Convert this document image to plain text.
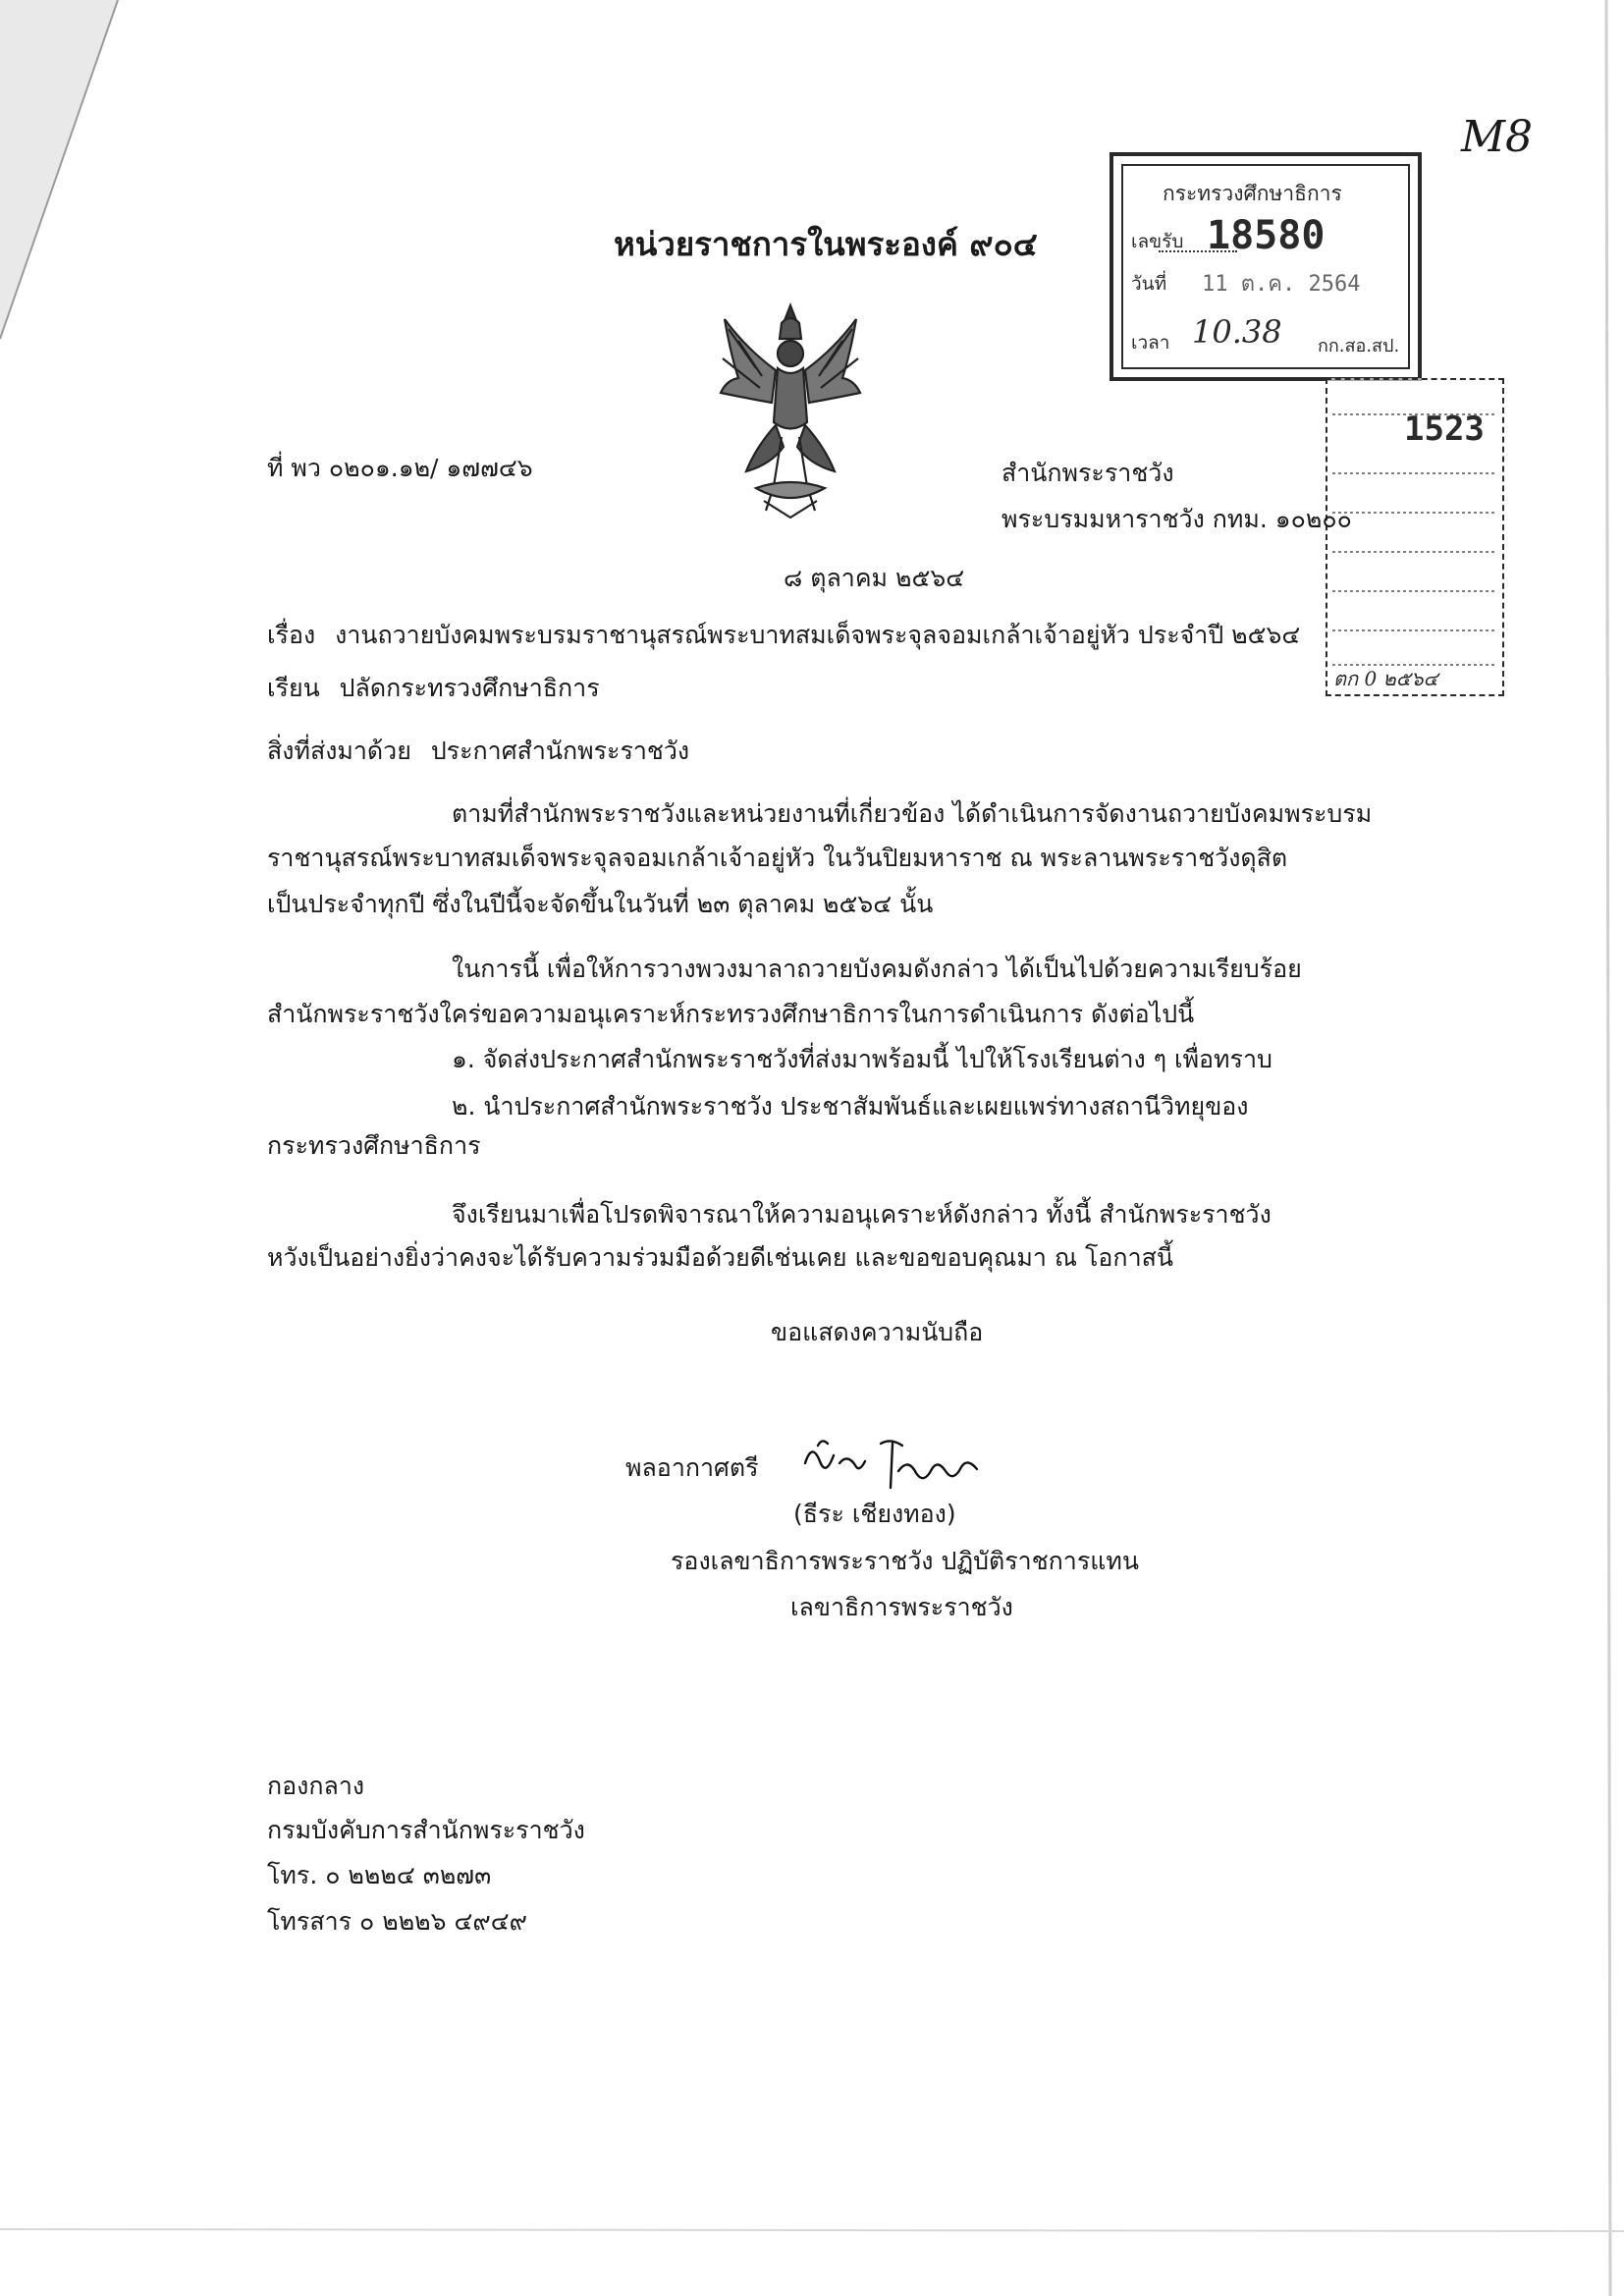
หน่วยราชการในพระองค์ ๙๐๔
กระทรวงศึกษาธิการ
เลขรับ 18580
วันที่ 11 ต.ค. 2564
เวลา 10.38 กก.สอ.สป.
M8
1523
ตก 0 ๒๕๖๔
ที่ พว ๐๒๐๑.๑๒/ ๑๗๗๔๖	สำนักพระราชวัง
พระบรมมหาราชวัง กทม. ๑๐๒๐๐
๘ ตุลาคม ๒๕๖๔
เรื่อง งานถวายบังคมพระบรมราชานุสรณ์พระบาทสมเด็จพระจุลจอมเกล้าเจ้าอยู่หัว ประจำปี ๒๕๖๔
เรียน ปลัดกระทรวงศึกษาธิการ
สิ่งที่ส่งมาด้วย ประกาศสำนักพระราชวัง
ตามที่สำนักพระราชวังและหน่วยงานที่เกี่ยวข้อง ได้ดำเนินการจัดงานถวายบังคมพระบรม
ราชานุสรณ์พระบาทสมเด็จพระจุลจอมเกล้าเจ้าอยู่หัว ในวันปิยมหาราช ณ พระลานพระราชวังดุสิต
เป็นประจำทุกปี ซึ่งในปีนี้จะจัดขึ้นในวันที่ ๒๓ ตุลาคม ๒๕๖๔ นั้น
ในการนี้ เพื่อให้การวางพวงมาลาถวายบังคมดังกล่าว ได้เป็นไปด้วยความเรียบร้อย
สำนักพระราชวังใคร่ขอความอนุเคราะห์กระทรวงศึกษาธิการในการดำเนินการ ดังต่อไปนี้
๑. จัดส่งประกาศสำนักพระราชวังที่ส่งมาพร้อมนี้ ไปให้โรงเรียนต่าง ๆ เพื่อทราบ
๒. นำประกาศสำนักพระราชวัง ประชาสัมพันธ์และเผยแพร่ทางสถานีวิทยุของ
กระทรวงศึกษาธิการ
จึงเรียนมาเพื่อโปรดพิจารณาให้ความอนุเคราะห์ดังกล่าว ทั้งนี้ สำนักพระราชวัง
หวังเป็นอย่างยิ่งว่าคงจะได้รับความร่วมมือด้วยดีเช่นเคย และขอขอบคุณมา ณ โอกาสนี้
ขอแสดงความนับถือ
พลอากาศตรี
(ธีระ เชียงทอง)
รองเลขาธิการพระราชวัง ปฏิบัติราชการแทน
เลขาธิการพระราชวัง
กองกลาง
กรมบังคับการสำนักพระราชวัง
โทร. ๐ ๒๒๒๔ ๓๒๗๓
โทรสาร ๐ ๒๒๒๖ ๔๙๔๙
